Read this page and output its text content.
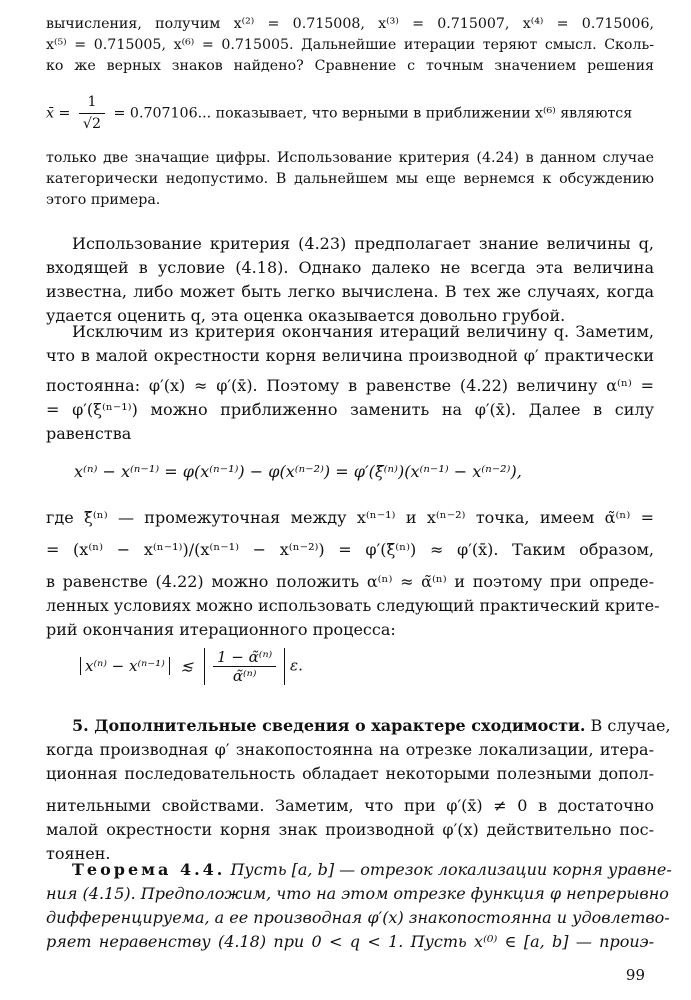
вычисления, получим x⁽²⁾ = 0.715008, x⁽³⁾ = 0.715007, x⁽⁴⁾ = 0.715006,
x⁽⁵⁾ = 0.715005, x⁽⁶⁾ = 0.715005. Дальнейшие итерации теряют смысл. Сколь-
ко же верных знаков найдено? Сравнение с точным значением решения
x̄ = $\frac{1}{√2} = 0.707106$... показывает, что верными в приближении x⁽⁶⁾ являются
только две значащие цифры. Использование критерия (4.24) в данном случае
категорически недопустимо. В дальнейшем мы еще вернемся к обсуждению
этого примера.
Использование критерия (4.23) предполагает знание величины q,
входящей в условие (4.18). Однако далеко не всегда эта величина
известна, либо может быть легко вычислена. В тех же случаях, когда
удается оценить q, эта оценка оказывается довольно грубой.
Исключим из критерия окончания итераций величину q. Заметим,
что в малой окрестности корня величина производной φ′ практически
постоянна: φ′(x) ≈ φ′(x̄). Поэтому в равенстве (4.22) величину α⁽ⁿ⁾ =
= φ′(ξ⁽ⁿ⁻¹⁾) можно приближенно заменить на φ′(x̄). Далее в силу
равенства
x⁽ⁿ⁾ − x⁽ⁿ⁻¹⁾ = φ(x⁽ⁿ⁻¹⁾) − φ(x⁽ⁿ⁻²⁾) = φ′(ξ̃⁽ⁿ⁾)(x⁽ⁿ⁻¹⁾ − x⁽ⁿ⁻²⁾),
где ξ̃⁽ⁿ⁾ — промежуточная между x⁽ⁿ⁻¹⁾ и x⁽ⁿ⁻²⁾ точка, имеем α̃⁽ⁿ⁾ =
= (x⁽ⁿ⁾ − x⁽ⁿ⁻¹⁾)/(x⁽ⁿ⁻¹⁾ − x⁽ⁿ⁻²⁾) = φ′(ξ̃⁽ⁿ⁾) ≈ φ′(x̄). Таким образом,
в равенстве (4.22) можно положить α⁽ⁿ⁾ ≈ α̃⁽ⁿ⁾ и поэтому при опреде-
ленных условиях можно использовать следующий практический крите-
рий окончания итерационного процесса:
x⁽ⁿ⁾ − x⁽ⁿ⁻¹⁾ ≲ $\frac{\text{1 − α̃⁽ⁿ⁾}}{\text{α̃⁽ⁿ⁾}} \varepsilon$.
5. Дополнительные сведения о характере сходимости. В случае,
когда производная φ′ знакопостоянна на отрезке локализации, итера-
ционная последовательность обладает некоторыми полезными допол-
нительными свойствами. Заметим, что при φ′(x̄) ≠ 0 в достаточно
малой окрестности корня знак производной φ′(x) действительно пос-
тоянен.
Теорема 4.4. Пусть [a, b] — отрезок локализации корня уравне-
ния (4.15). Предположим, что на этом отрезке функция φ непрерывно
дифференцируема, а ее производная φ′(x) знакопостоянна и удовлетво-
ряет неравенству (4.18) при 0 < q < 1. Пусть x⁽⁰⁾ ∈ [a, b] — проиэ-
99
